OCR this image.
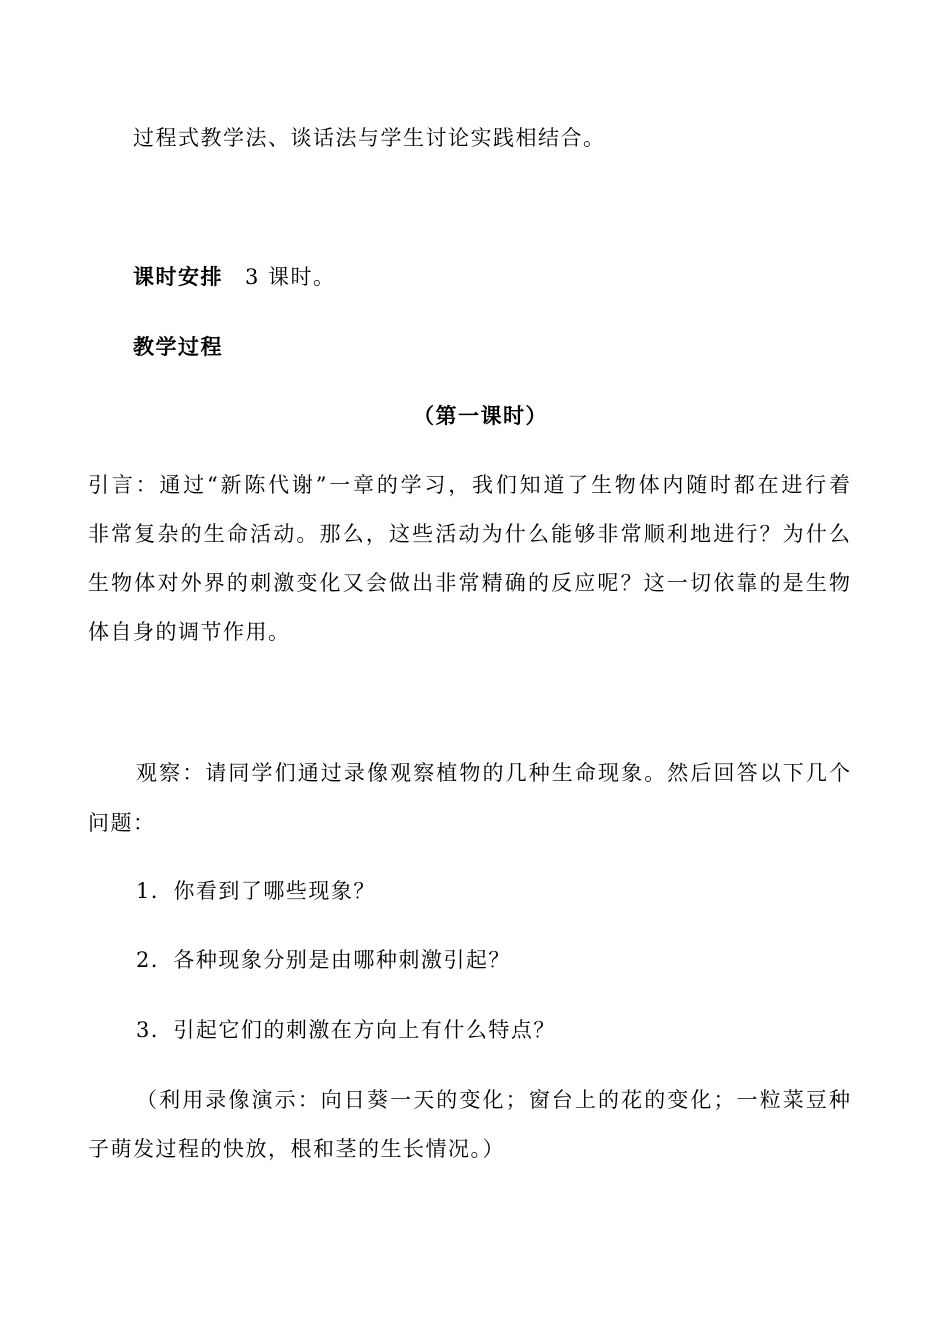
过程式教学法、谈话法与学生讨论实践相结合。
课时安排 3 课时。
教学过程
（第一课时）
引言：通过“新陈代谢”一章的学习，我们知道了生物体内随时都在进行着
非常复杂的生命活动。那么，这些活动为什么能够非常顺利地进行？为什么
生物体对外界的刺激变化又会做出非常精确的反应呢？这一切依靠的是生物
体自身的调节作用。
观察：请同学们通过录像观察植物的几种生命现象。然后回答以下几个
问题：
1．你看到了哪些现象？
2．各种现象分别是由哪种刺激引起？
3．引起它们的刺激在方向上有什么特点？
（利用录像演示：向日葵一天的变化；窗台上的花的变化；一粒菜豆种
子萌发过程的快放，根和茎的生长情况。）
